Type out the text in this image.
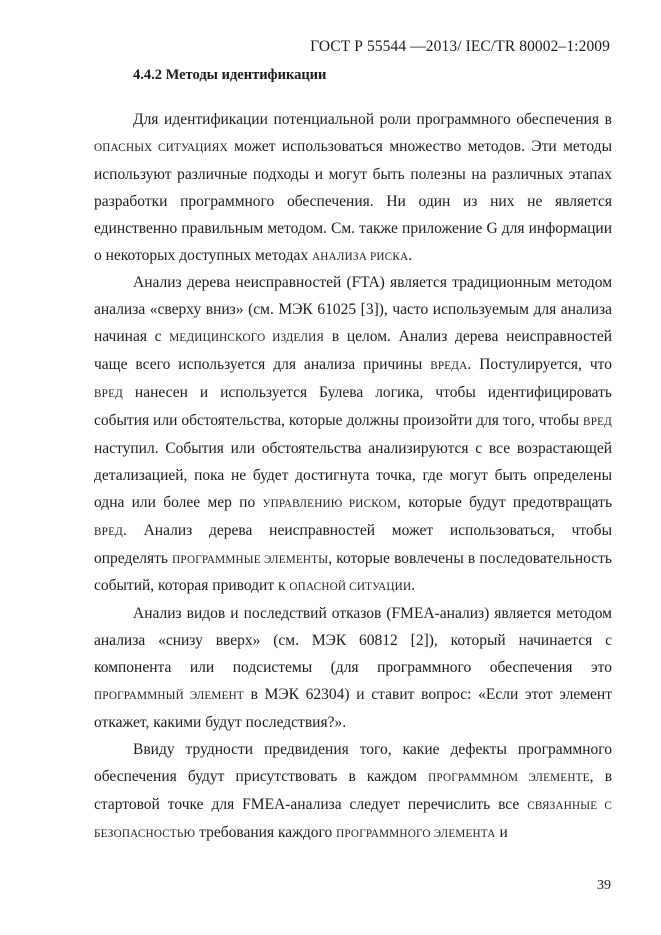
ГОСТ Р 55544 —2013/ IEC/TR 80002–1:2009
4.4.2 Методы идентификации

Для идентификации потенциальной роли программного обеспечения в ОПАСНЫХ СИТУАЦИЯХ может использоваться множество методов. Эти методы используют различные подходы и могут быть полезны на различных этапах разработки программного обеспечения. Ни один из них не является единственно правильным методом. См. также приложение G для информации о некоторых доступных методах АНАЛИЗА РИСКА.

Анализ дерева неисправностей (FTA) является традиционным методом анализа «сверху вниз» (см. МЭК 61025 [3]), часто используемым для анализа начиная с МЕДИЦИНСКОГО ИЗДЕЛИЯ в целом. Анализ дерева неисправностей чаще всего используется для анализа причины ВРЕДА. Постулируется, что ВРЕД нанесен и используется Булева логика, чтобы идентифицировать события или обстоятельства, которые должны произойти для того, чтобы ВРЕД наступил. События или обстоятельства анализируются с все возрастающей детализацией, пока не будет достигнута точка, где могут быть определены одна или более мер по УПРАВЛЕНИЮ РИСКОМ, которые будут предотвращать ВРЕД. Анализ дерева неисправностей может использоваться, чтобы определять ПРОГРАММНЫЕ ЭЛЕМЕНТЫ, которые вовлечены в последовательность событий, которая приводит к ОПАСНОЙ СИТУАЦИИ.

Анализ видов и последствий отказов (FMEA-анализ) является методом анализа «снизу вверх» (см. МЭК 60812 [2]), который начинается с компонента или подсистемы (для программного обеспечения это ПРОГРАММНЫЙ ЭЛЕМЕНТ в МЭК 62304) и ставит вопрос: «Если этот элемент откажет, какими будут последствия?».

Ввиду трудности предвидения того, какие дефекты программного обеспечения будут присутствовать в каждом ПРОГРАММНОМ ЭЛЕМЕНТЕ, в стартовой точке для FMEA-анализа следует перечислить все СВЯЗАННЫЕ С БЕЗОПАСНОСТЬЮ требования каждого ПРОГРАММНОГО ЭЛЕМЕНТА и

39
